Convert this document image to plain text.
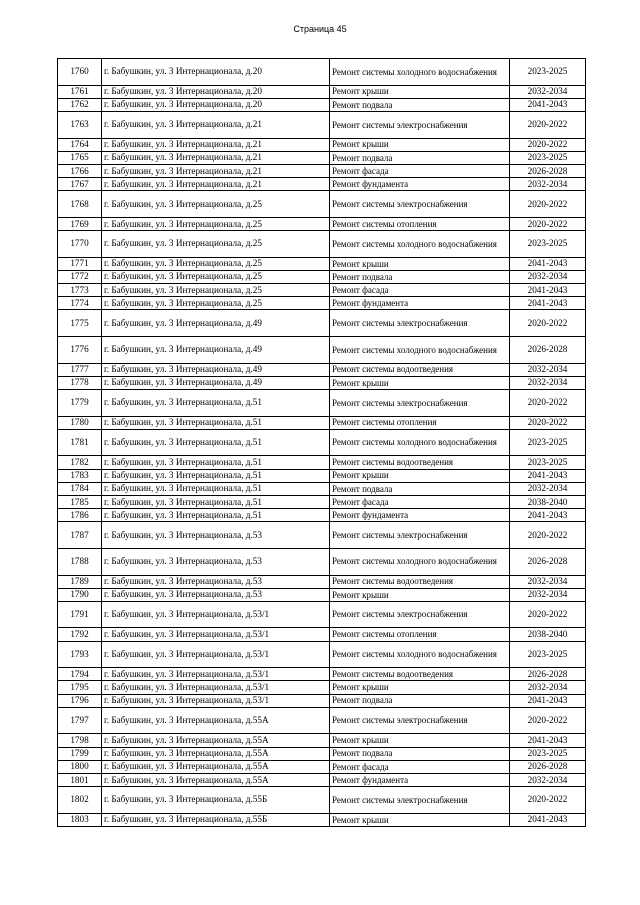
Страница 45
1760	г. Бабушкин, ул. 3 Интернационала, д.20	Ремонт системы холодного водоснабжения	2023-2025
1761	г. Бабушкин, ул. 3 Интернационала, д.20	Ремонт крыши	2032-2034
1762	г. Бабушкин, ул. 3 Интернационала, д.20	Ремонт подвала	2041-2043
1763	г. Бабушкин, ул. 3 Интернационала, д.21	Ремонт системы электроснабжения	2020-2022
1764	г. Бабушкин, ул. 3 Интернационала, д.21	Ремонт крыши	2020-2022
1765	г. Бабушкин, ул. 3 Интернационала, д.21	Ремонт подвала	2023-2025
1766	г. Бабушкин, ул. 3 Интернационала, д.21	Ремонт фасада	2026-2028
1767	г. Бабушкин, ул. 3 Интернационала, д.21	Ремонт фундамента	2032-2034
1768	г. Бабушкин, ул. 3 Интернационала, д.25	Ремонт системы электроснабжения	2020-2022
1769	г. Бабушкин, ул. 3 Интернационала, д.25	Ремонт системы отопления	2020-2022
1770	г. Бабушкин, ул. 3 Интернационала, д.25	Ремонт системы холодного водоснабжения	2023-2025
1771	г. Бабушкин, ул. 3 Интернационала, д.25	Ремонт крыши	2041-2043
1772	г. Бабушкин, ул. 3 Интернационала, д.25	Ремонт подвала	2032-2034
1773	г. Бабушкин, ул. 3 Интернационала, д.25	Ремонт фасада	2041-2043
1774	г. Бабушкин, ул. 3 Интернационала, д.25	Ремонт фундамента	2041-2043
1775	г. Бабушкин, ул. 3 Интернационала, д.49	Ремонт системы электроснабжения	2020-2022
1776	г. Бабушкин, ул. 3 Интернационала, д.49	Ремонт системы холодного водоснабжения	2026-2028
1777	г. Бабушкин, ул. 3 Интернационала, д.49	Ремонт системы водоотведения	2032-2034
1778	г. Бабушкин, ул. 3 Интернационала, д.49	Ремонт крыши	2032-2034
1779	г. Бабушкин, ул. 3 Интернационала, д.51	Ремонт системы электроснабжения	2020-2022
1780	г. Бабушкин, ул. 3 Интернационала, д.51	Ремонт системы отопления	2020-2022
1781	г. Бабушкин, ул. 3 Интернационала, д.51	Ремонт системы холодного водоснабжения	2023-2025
1782	г. Бабушкин, ул. 3 Интернационала, д.51	Ремонт системы водоотведения	2023-2025
1783	г. Бабушкин, ул. 3 Интернационала, д.51	Ремонт крыши	2041-2043
1784	г. Бабушкин, ул. 3 Интернационала, д.51	Ремонт подвала	2032-2034
1785	г. Бабушкин, ул. 3 Интернационала, д.51	Ремонт фасада	2038-2040
1786	г. Бабушкин, ул. 3 Интернационала, д.51	Ремонт фундамента	2041-2043
1787	г. Бабушкин, ул. 3 Интернационала, д.53	Ремонт системы электроснабжения	2020-2022
1788	г. Бабушкин, ул. 3 Интернационала, д.53	Ремонт системы холодного водоснабжения	2026-2028
1789	г. Бабушкин, ул. 3 Интернационала, д.53	Ремонт системы водоотведения	2032-2034
1790	г. Бабушкин, ул. 3 Интернационала, д.53	Ремонт крыши	2032-2034
1791	г. Бабушкин, ул. 3 Интернационала, д.53/1	Ремонт системы электроснабжения	2020-2022
1792	г. Бабушкин, ул. 3 Интернационала, д.53/1	Ремонт системы отопления	2038-2040
1793	г. Бабушкин, ул. 3 Интернационала, д.53/1	Ремонт системы холодного водоснабжения	2023-2025
1794	г. Бабушкин, ул. 3 Интернационала, д.53/1	Ремонт системы водоотведения	2026-2028
1795	г. Бабушкин, ул. 3 Интернационала, д.53/1	Ремонт крыши	2032-2034
1796	г. Бабушкин, ул. 3 Интернационала, д.53/1	Ремонт подвала	2041-2043
1797	г. Бабушкин, ул. 3 Интернационала, д.55А	Ремонт системы электроснабжения	2020-2022
1798	г. Бабушкин, ул. 3 Интернационала, д.55А	Ремонт крыши	2041-2043
1799	г. Бабушкин, ул. 3 Интернационала, д.55А	Ремонт подвала	2023-2025
1800	г. Бабушкин, ул. 3 Интернационала, д.55А	Ремонт фасада	2026-2028
1801	г. Бабушкин, ул. 3 Интернационала, д.55А	Ремонт фундамента	2032-2034
1802	г. Бабушкин, ул. 3 Интернационала, д.55Б	Ремонт системы электроснабжения	2020-2022
1803	г. Бабушкин, ул. 3 Интернационала, д.55Б	Ремонт крыши	2041-2043
